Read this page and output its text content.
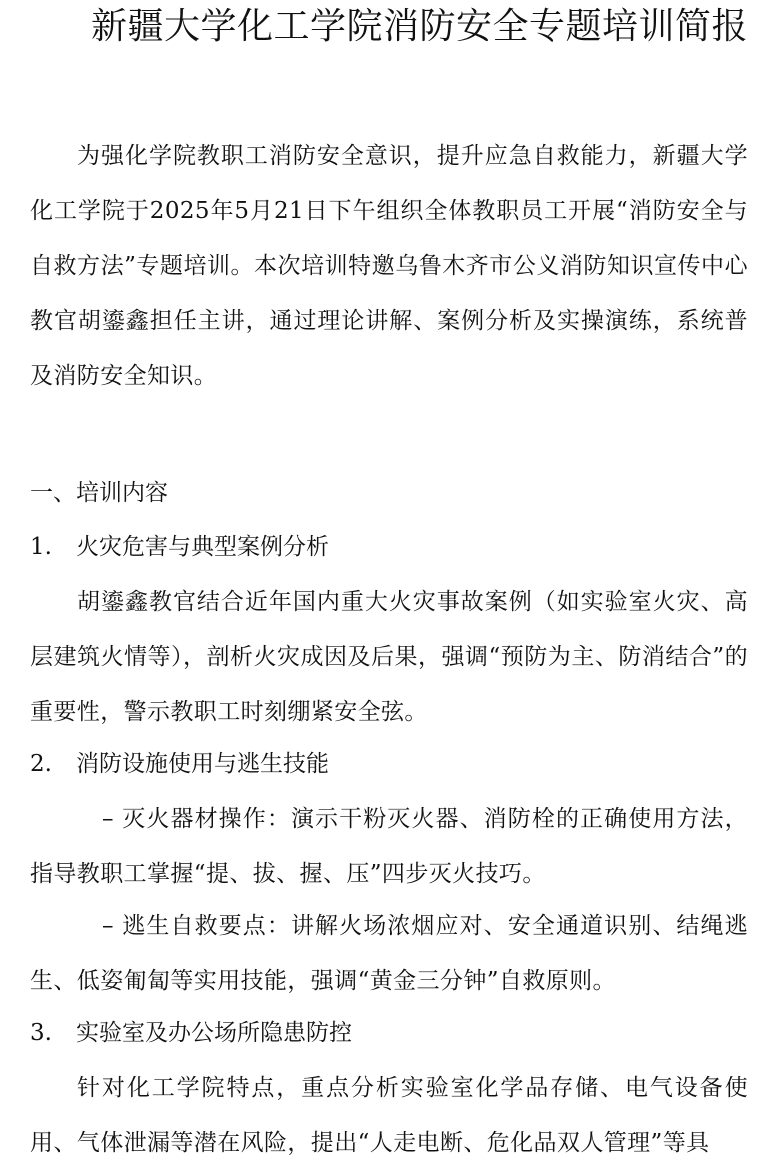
新疆大学化工学院消防安全专题培训简报
为强化学院教职工消防安全意识，提升应急自救能力，新疆大学化工学院于2025年5月21日下午组织全体教职员工开展“消防安全与自救方法”专题培训。本次培训特邀乌鲁木齐市公义消防知识宣传中心教官胡鎏鑫担任主讲，通过理论讲解、案例分析及实操演练，系统普及消防安全知识。
一、培训内容
1. 火灾危害与典型案例分析
胡鎏鑫教官结合近年国内重大火灾事故案例（如实验室火灾、高层建筑火情等），剖析火灾成因及后果，强调“预防为主、防消结合”的重要性，警示教职工时刻绷紧安全弦。
2. 消防设施使用与逃生技能
– 灭火器材操作：演示干粉灭火器、消防栓的正确使用方法，指导教职工掌握“提、拔、握、压”四步灭火技巧。
– 逃生自救要点：讲解火场浓烟应对、安全通道识别、结绳逃生、低姿匍匐等实用技能，强调“黄金三分钟”自救原则。
3. 实验室及办公场所隐患防控
针对化工学院特点，重点分析实验室化学品存储、电气设备使用、气体泄漏等潜在风险，提出“人走电断、危化品双人管理”等具
